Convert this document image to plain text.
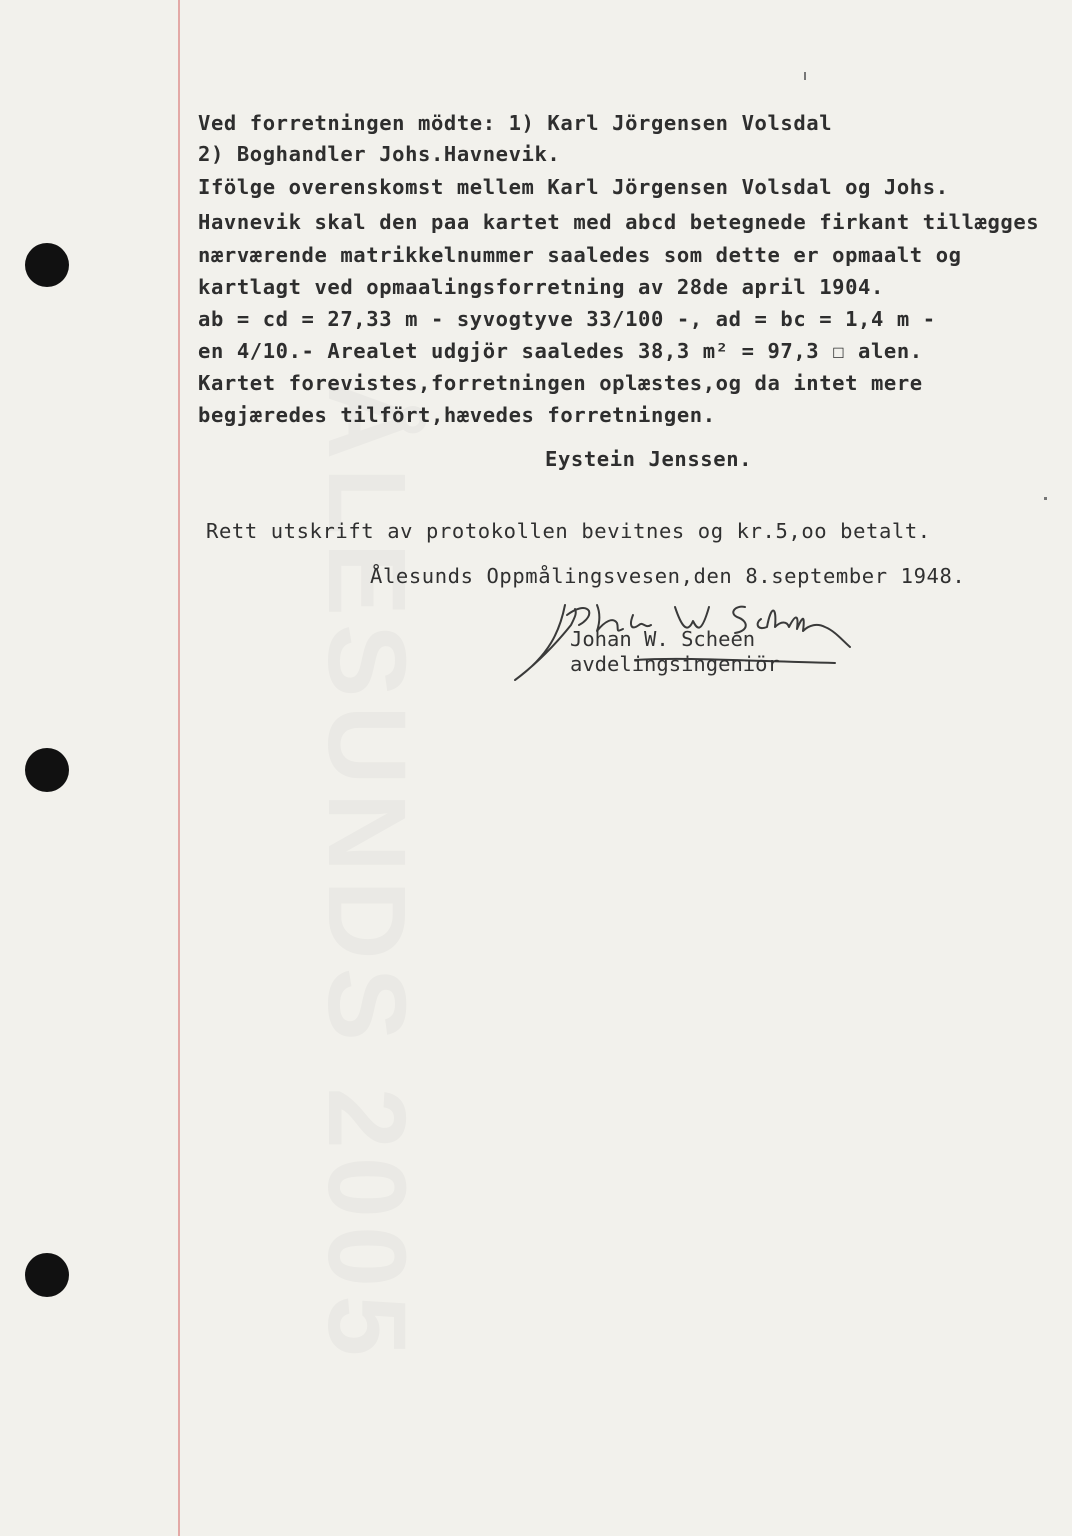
ÅLESUNDS 2005
Ved forretningen mödte: 1) Karl Jörgensen Volsdal
2) Boghandler Johs.Havnevik.
Ifölge overenskomst mellem Karl Jörgensen Volsdal og Johs.
Havnevik skal den paa kartet med abcd betegnede firkant tillægges
nærværende matrikkelnummer saaledes som dette er opmaalt og
kartlagt ved opmaalingsforretning av 28de april 1904.
ab = cd = 27,33 m - syvogtyve 33/100 -, ad = bc = 1,4 m -
en 4/10.- Arealet udgjör saaledes 38,3 m² = 97,3 ☐ alen.
Kartet forevistes,forretningen oplæstes,og da intet mere
begjæredes tilfört,hævedes forretningen.
Eystein Jenssen.
Rett utskrift av protokollen bevitnes og kr.5,oo betalt.
Ålesunds Oppmålingsvesen,den 8.september 1948.
Johan W. Scheen
avdelingsingeniör
